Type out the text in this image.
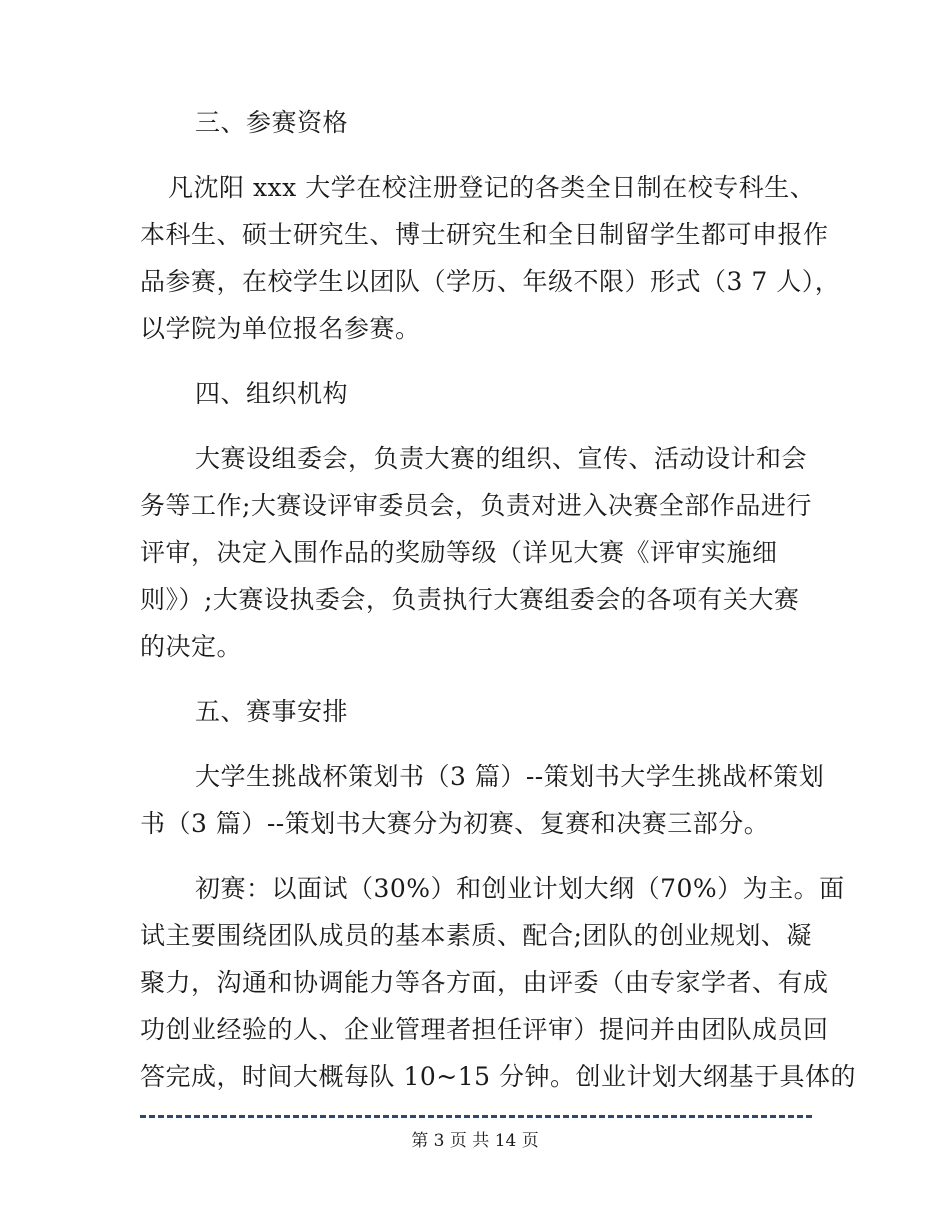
三、参赛资格
凡沈阳 xxx 大学在校注册登记的各类全日制在校专科生、
本科生、硕士研究生、博士研究生和全日制留学生都可申报作
品参赛，在校学生以团队（学历、年级不限）形式（3 7 人），
以学院为单位报名参赛。
四、组织机构
大赛设组委会，负责大赛的组织、宣传、活动设计和会
务等工作;大赛设评审委员会，负责对进入决赛全部作品进行
评审，决定入围作品的奖励等级（详见大赛《评审实施细
则》）;大赛设执委会，负责执行大赛组委会的各项有关大赛
的决定。
五、赛事安排
大学生挑战杯策划书（3 篇）--策划书大学生挑战杯策划
书（3 篇）--策划书大赛分为初赛、复赛和决赛三部分。
初赛：以面试（30%）和创业计划大纲（70%）为主。面
试主要围绕团队成员的基本素质、配合;团队的创业规划、凝
聚力，沟通和协调能力等各方面，由评委（由专家学者、有成
功创业经验的人、企业管理者担任评审）提问并由团队成员回
答完成，时间大概每队 10~15 分钟。创业计划大纲基于具体的
第 3 页 共 14 页
